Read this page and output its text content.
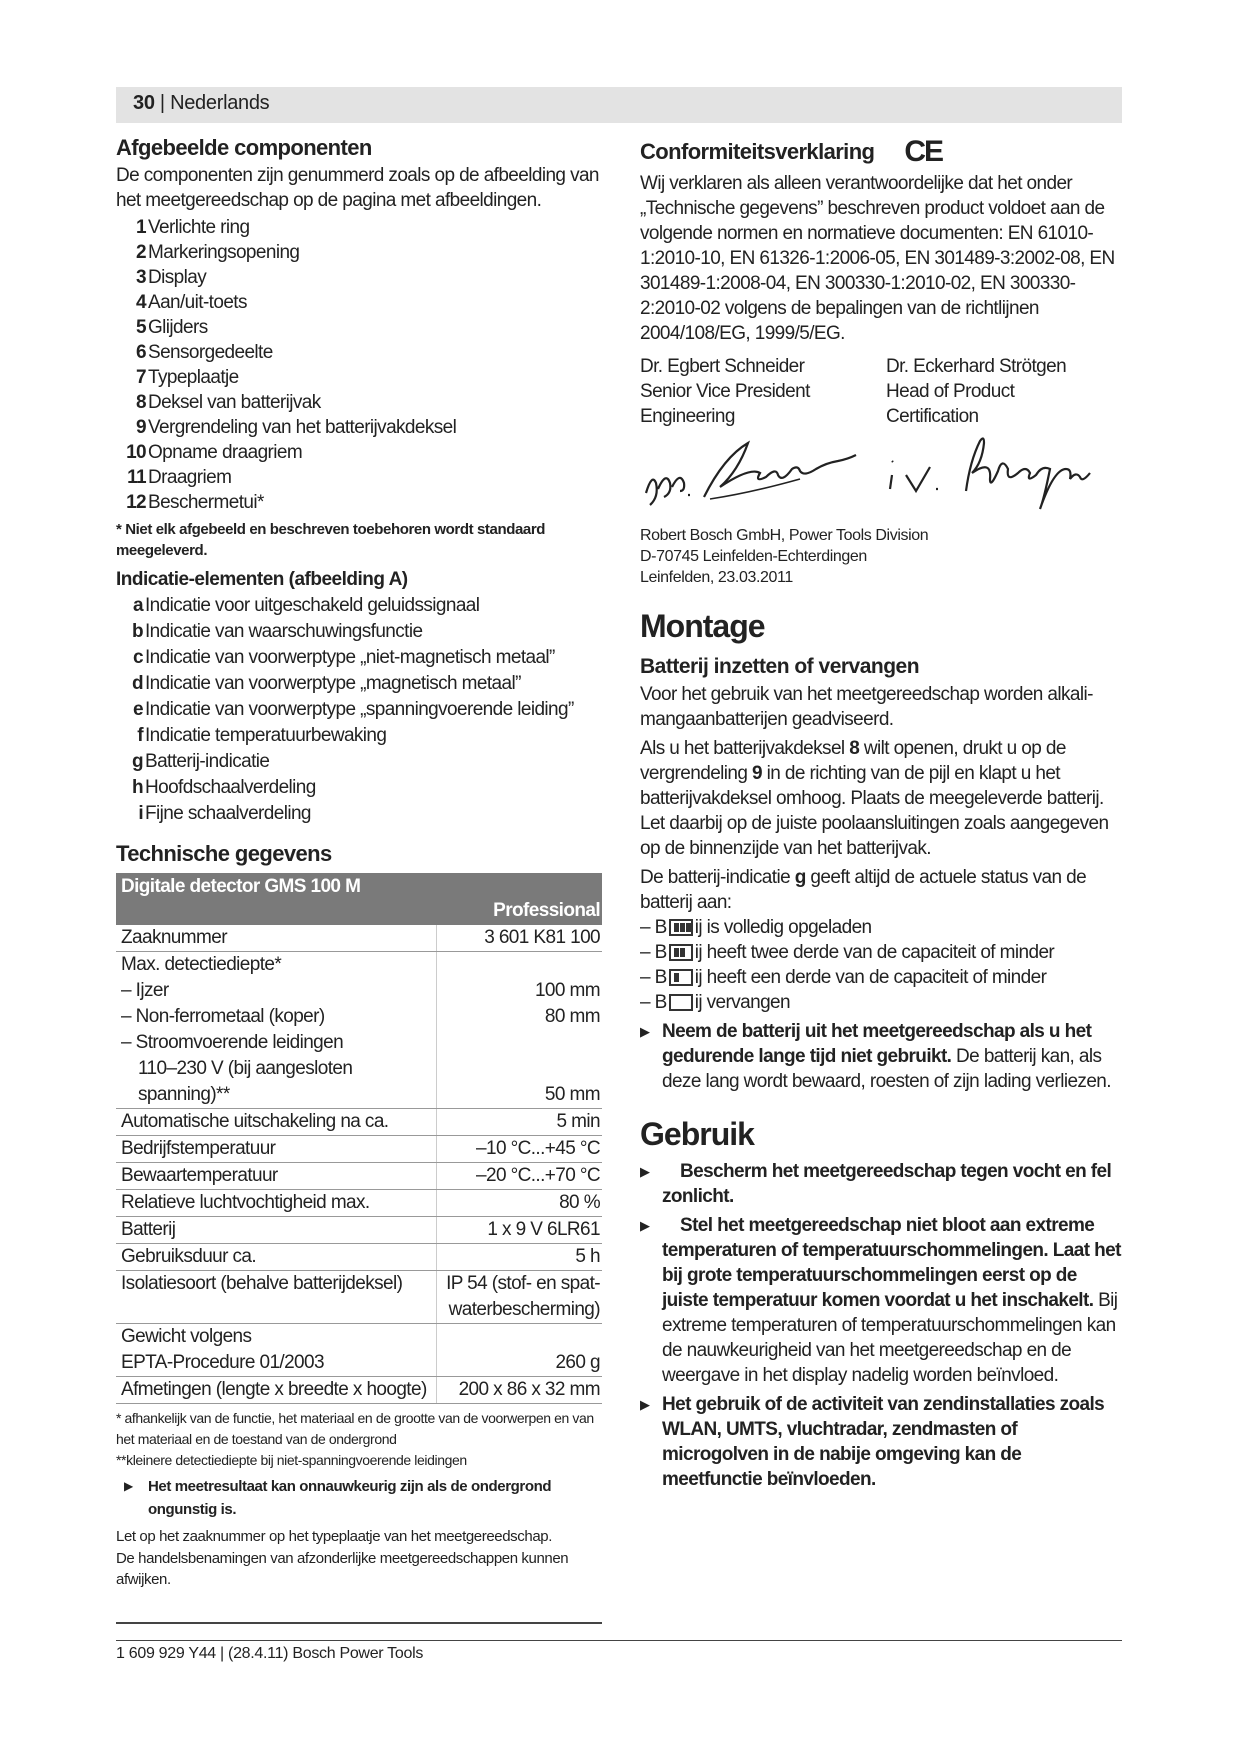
30 | Nederlands
Afgebeelde componenten

De componenten zijn genummerd zoals op de afbeelding van het meetgereedschap op de pagina met afbeeldingen.

1 Verlichte ring
2 Markeringsopening
3 Display
4 Aan/uit-toets
5 Glijders
6 Sensorgedeelte
7 Typeplaatje
8 Deksel van batterijvak
9 Vergrendeling van het batterijvakdeksel
10 Opname draagriem
11 Draagriem
12 Beschermetui*

* Niet elk afgebeeld en beschreven toebehoren wordt standaard meegeleverd.

Indicatie-elementen (afbeelding A)
a Indicatie voor uitgeschakeld geluidssignaal
b Indicatie van waarschuwingsfunctie
c Indicatie van voorwerptype „niet-magnetisch metaal”
d Indicatie van voorwerptype „magnetisch metaal”
e Indicatie van voorwerptype „spanningvoerende leiding”
f Indicatie temperatuurbewaking
g Batterij-indicatie
h Hoofdschaalverdeling
i Fijne schaalverdeling
Technische gegevens
Digitale detector GMS 100 M
Professional	

Zaaknummer	3 601 K81 100
Max. detectiediepte*	
– Ijzer	100 mm
– Non-ferrometaal (koper)	80 mm
– Stroomvoerende leidingen	
110–230 V (bij aangesloten	
spanning)**	50 mm
Automatische uitschakeling na ca.	5 min
Bedrijfstemperatuur	–10 °C...+45 °C
Bewaartemperatuur	–20 °C...+70 °C
Relatieve luchtvochtigheid max.	80 %
Batterij	1 x 9 V 6LR61
Gebruiksduur ca.	5 h
Isolatiesoort (behalve batterijdeksel)	IP 54 (stof- en spat-
	waterbescherming)
Gewicht volgens	
EPTA-Procedure 01/2003	260 g
Afmetingen (lengte x breedte x hoogte)	200 x 86 x 32 mm

* afhankelijk van de functie, het materiaal en de grootte van de voorwerpen en van het materiaal en de toestand van de ondergrond

**kleinere detectiediepte bij niet-spanningvoerende leidingen

▶	Het meetresultaat kan onnauwkeurig zijn als de ondergrond ongunstig is.

Let op het zaaknummer op het typeplaatje van het meetgereedschap.

De handelsbenamingen van afzonderlijke meetgereedschappen kunnen afwijken.

Conformiteitsverklaring CE

Wij verklaren als alleen verantwoordelijke dat het onder „Technische gegevens” beschreven product voldoet aan de volgende normen en normatieve documenten: EN 61010-1:2010-10, EN 61326-1:2006-05, EN 301489-3:2002-08, EN 301489-1:2008-04, EN 300330-1:2010-02, EN 300330-2:2010-02 volgens de bepalingen van de richtlijnen 2004/108/EG, 1999/5/EG.

Dr. Egbert Schneider
Senior Vice President
Engineering
Dr. Eckerhard Strötgen
Head of Product
Certification
Robert Bosch GmbH, Power Tools Division
D-70745 Leinfelden-Echterdingen
Leinfelden, 23.03.2011
Montage
Batterij inzetten of vervangen

Voor het gebruik van het meetgereedschap worden alkali-mangaanbatterijen geadviseerd.

Als u het batterijvakdeksel 8 wilt openen, drukt u op de vergrendeling 9 in de richting van de pijl en klapt u het batterijvakdeksel omhoog. Plaats de meegeleverde batterij. Let daarbij op de juiste poolaansluitingen zoals aangegeven op de binnenzijde van het batterijvak.

De batterij-indicatie g geeft altijd de actuele status van de batterij aan:

– B ij is volledig opgeladen
– B ij heeft twee derde van de capaciteit of minder
– B ij heeft een derde van de capaciteit of minder
– B ij vervangen
▶ Neem de batterij uit het meetgereedschap als u het gedurende lange tijd niet gebruikt. De batterij kan, als deze lang wordt bewaard, roesten of zijn lading verliezen.
Gebruik
▶	Bescherm het meetgereedschap tegen vocht en fel zonlicht.
▶	Stel het meetgereedschap niet bloot aan extreme temperaturen of temperatuurschommelingen. Laat het bij grote temperatuurschommelingen eerst op de juiste temperatuur komen voordat u het inschakelt. Bij extreme temperaturen of temperatuurschommelingen kan de nauwkeurigheid van het meetgereedschap en de weergave in het display nadelig worden beïnvloed.
▶ Het gebruik of de activiteit van zendinstallaties zoals WLAN, UMTS, vluchtradar, zendmasten of microgolven in de nabije omgeving kan de meetfunctie beïnvloeden.
1 609 929 Y44 | (28.4.11) Bosch Power Tools
